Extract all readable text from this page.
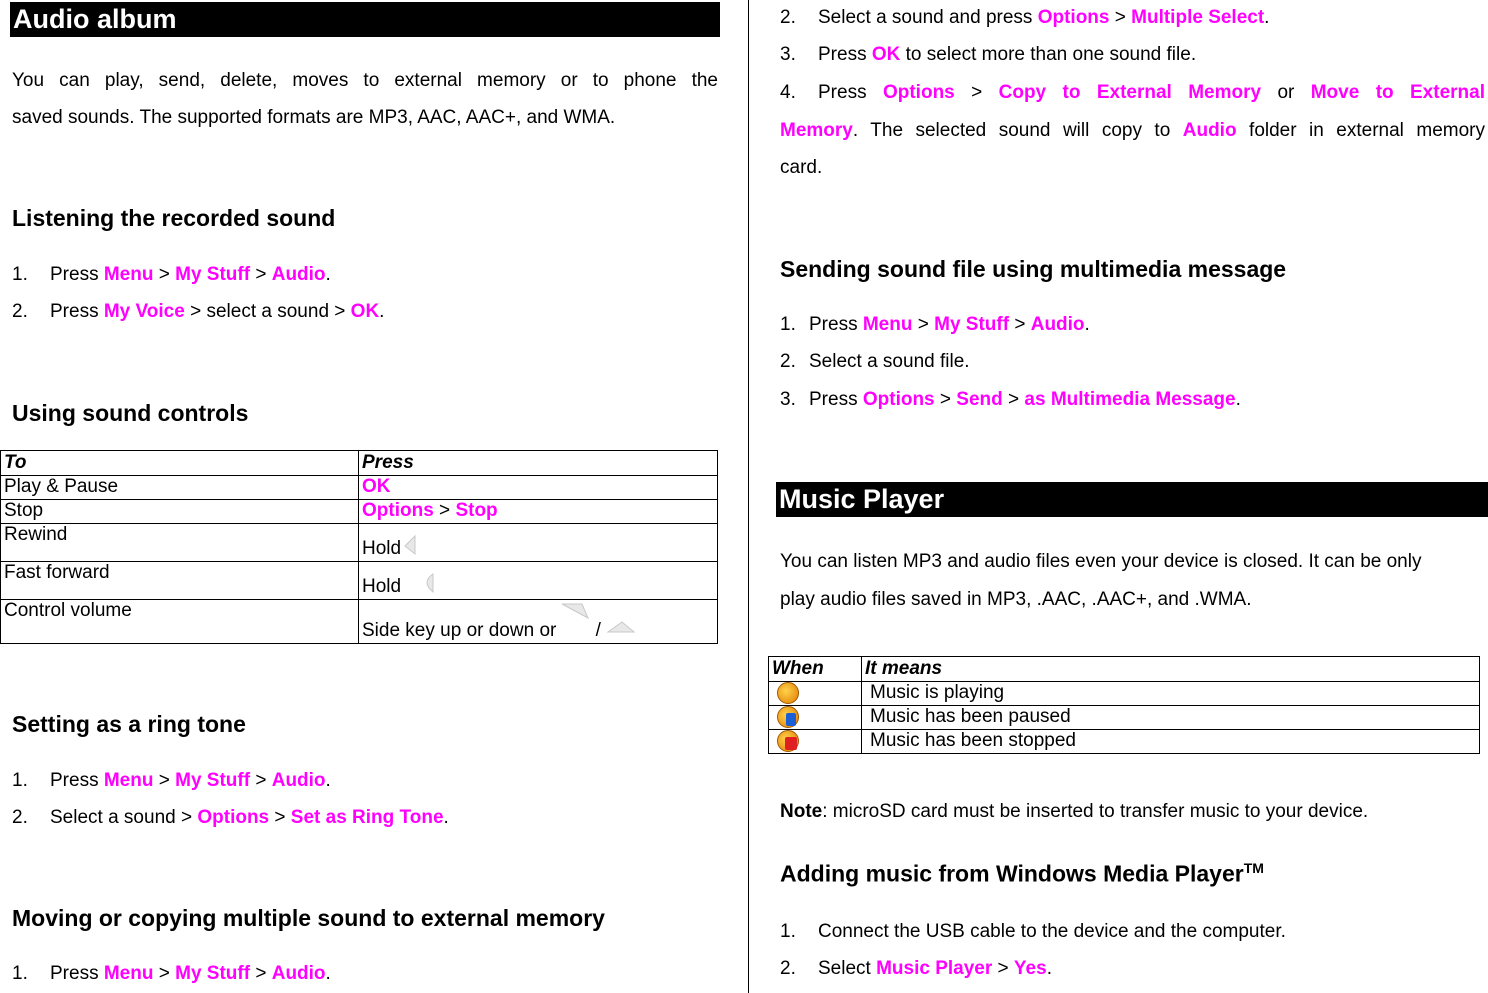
Audio album
You can play, send, delete, moves to external memory or to phone the
saved sounds. The supported formats are MP3, AAC, AAC+, and WMA.
Listening the recorded sound
1. Press Menu > My Stuff > Audio.
2. Press My Voice > select a sound > OK.
Using sound controls
To	Press
Play & Pause	OK
Stop	Options > Stop
Rewind	Hold
Fast forward	Hold
Control volume	Side key up or down or /
Setting as a ring tone
1. Press Menu > My Stuff > Audio.
2. Select a sound > Options > Set as Ring Tone.
Moving or copying multiple sound to external memory
1. Press Menu > My Stuff > Audio.
2. Select a sound and press Options > Multiple Select.
3. Press OK to select more than one sound file.
4. Press Options > Copy to External Memory or Move to External
Memory. The selected sound will copy to Audio folder in external memory
card.
Sending sound file using multimedia message
1. Press Menu > My Stuff > Audio.
2. Select a sound file.
3. Press Options > Send > as Multimedia Message.
Music Player
You can listen MP3 and audio files even your device is closed. It can be only
play audio files saved in MP3, .AAC, .AAC+, and .WMA.
When	It means
	Music is playing

	Music has been paused

	Music has been stopped
Note: microSD card must be inserted to transfer music to your device.
Adding music from Windows Media Player™
1. Connect the USB cable to the device and the computer.
2. Select Music Player > Yes.
